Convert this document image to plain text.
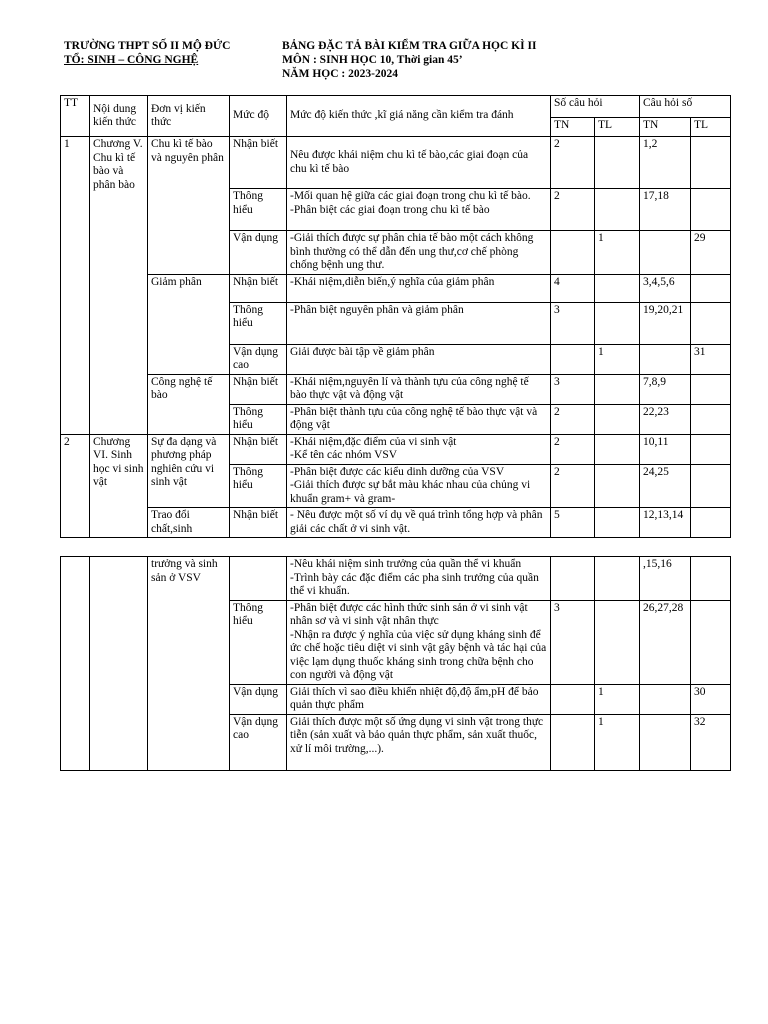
TRƯỜNG THPT SỐ II MỘ ĐỨC
TỔ: SINH – CÔNG NGHỆ
BẢNG ĐẶC TẢ BÀI KIỂM TRA GIỮA HỌC KÌ II
MÔN : SINH HỌC 10, Thời gian 45’
NĂM HỌC : 2023-2024
TT	Nội dung kiến thức	Đơn vị kiến thức	Mức độ	Mức độ kiến thức ,kĩ giá năng cần kiểm tra đánh	Số câu hỏi		Câu hỏi số	
					TN	TL	TN	TL
1	Chương V. Chu kì tế bào và phân bào	Chu kì tế bào và nguyên phân	Nhận biết	Nêu được khái niệm chu kì tế bào,các giai đoạn của chu kì tế bào	2		1,2	
			Thông hiểu	-Mối quan hệ giữa các giai đoạn trong chu kì tế bào.
-Phân biệt các giai đoạn trong chu kì tế bào	2		17,18	
			Vận dụng	-Giải thích được sự phân chia tế bào một cách không bình thường có thể dẫn đến ung thư,cơ chế phòng chống bệnh ung thư.		1		29
		Giảm phân	Nhận biết	-Khái niệm,diễn biến,ý nghĩa của giảm phân	4		3,4,5,6	
			Thông hiểu	-Phân biệt nguyên phân và giảm phân	3		19,20,21	
			Vận dụng cao	Giải được bài tập về giảm phân		1		31
		Công nghệ tế bào	Nhận biết	-Khái niệm,nguyên lí và thành tựu của công nghệ tế bào thực vật và động vật	3		7,8,9	
			Thông hiểu	-Phân biệt thành tựu của công nghệ tế bào thực vật và động vật	2		22,23	
2	Chương VI. Sinh học vi sinh vật	Sự đa dạng và phương pháp nghiên cứu vi sinh vật	Nhận biết	-Khái niệm,đặc điểm của vi sinh vật
-Kể tên các nhóm VSV	2		10,11	
			Thông hiểu	-Phân biệt được các kiểu dinh dưỡng của VSV
-Giải thích được sự bắt màu khác nhau của chủng vi khuẩn gram+ và gram-	2		24,25	
		Trao đổi chất,sinh	Nhận biết	- Nêu được một số ví dụ về quá trình tổng hợp và phân giải các chất ở vi sinh vật.	5		12,13,14	
		trưởng và sinh sản ở VSV		-Nêu khái niệm sinh trưởng của quần thể vi khuẩn
-Trình bày các đặc điểm các pha sinh trưởng của quần thể vi khuẩn.			,15,16	
			Thông hiểu	-Phân biệt được các hình thức sinh sản ở vi sinh vật nhân sơ và vi sinh vật nhân thực
-Nhận ra được ý nghĩa của việc sử dụng kháng sinh để ức chế hoặc tiêu diệt vi sinh vật gây bệnh và tác hại của việc lạm dụng thuốc kháng sinh trong chữa bệnh cho con người và động vật	3		26,27,28	
			Vận dụng	Giải thích vì sao điều khiển nhiệt độ,độ ẩm,pH để bảo quản thực phẩm		1		30
			Vận dụng cao	Giải thích được một số ứng dụng vi sinh vật trong thực tiễn (sản xuất và bảo quản thực phẩm, sản xuất thuốc, xử lí môi trường,...).		1		32
